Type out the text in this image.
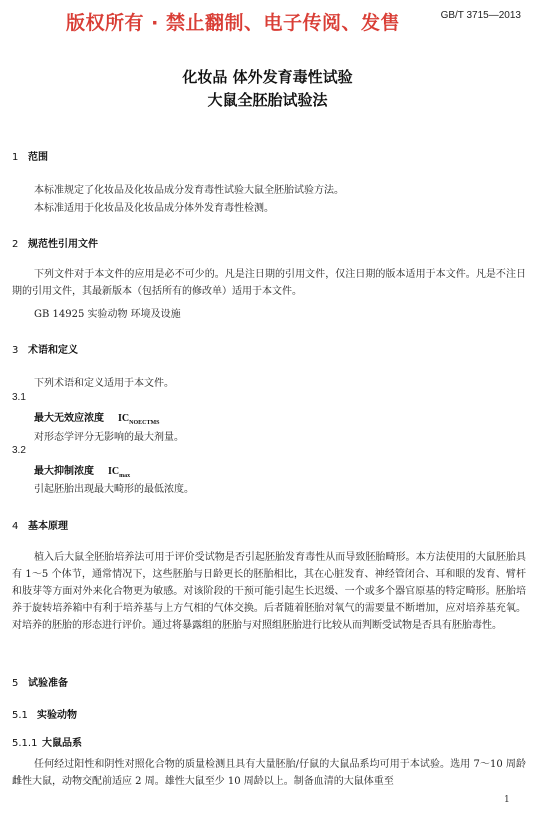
版权所有 · 禁止翻制、电子传阅、发售	GB/T 3715—2013
化妆品 体外发育毒性试验
大鼠全胚胎试验法
1 范围
本标准规定了化妆品及化妆品成分发育毒性试验大鼠全胚胎试验方法。
本标准适用于化妆品及化妆品成分体外发育毒性检测。
2 规范性引用文件
下列文件对于本文件的应用是必不可少的。凡是注日期的引用文件，仅注日期的版本适用于本文件。凡是不注日期的引用文件，其最新版本（包括所有的修改单）适用于本文件。
GB 14925 实验动物 环境及设施
3 术语和定义
下列术语和定义适用于本文件。
3.1
最大无效应浓度 $IC_{NOECTMS}$
对形态学评分无影响的最大剂量。
3.2
最大抑制浓度 $IC_{max}$
引起胚胎出现最大畸形的最低浓度。
4 基本原理
植入后大鼠全胚胎培养法可用于评价受试物是否引起胚胎发育毒性从而导致胚胎畸形。本方法使用的大鼠胚胎具有 1～5 个体节，通常情况下，这些胚胎与日龄更长的胚胎相比，其在心脏发育、神经管闭合、耳和眼的发育、臂杆和肢芽等方面对外来化合物更为敏感。对该阶段的干预可能引起生长迟缓、一个或多个器官原基的特定畸形。胚胎培养于旋转培养箱中有利于培养基与上方气相的气体交换。后者随着胚胎对氧气的需要量不断增加，应对培养基充氧。对培养的胚胎的形态进行评价。通过将暴露组的胚胎与对照组胚胎进行比较从而判断受试物是否具有胚胎毒性。
5 试验准备
5.1 实验动物
5.1.1 大鼠品系
任何经过阳性和阴性对照化合物的质量检测且具有大量胚胎/仔鼠的大鼠品系均可用于本试验。选用 7～10 周龄雌性大鼠，动物交配前适应 2 周。雄性大鼠至少 10 周龄以上。制备血清的大鼠体重至
1
